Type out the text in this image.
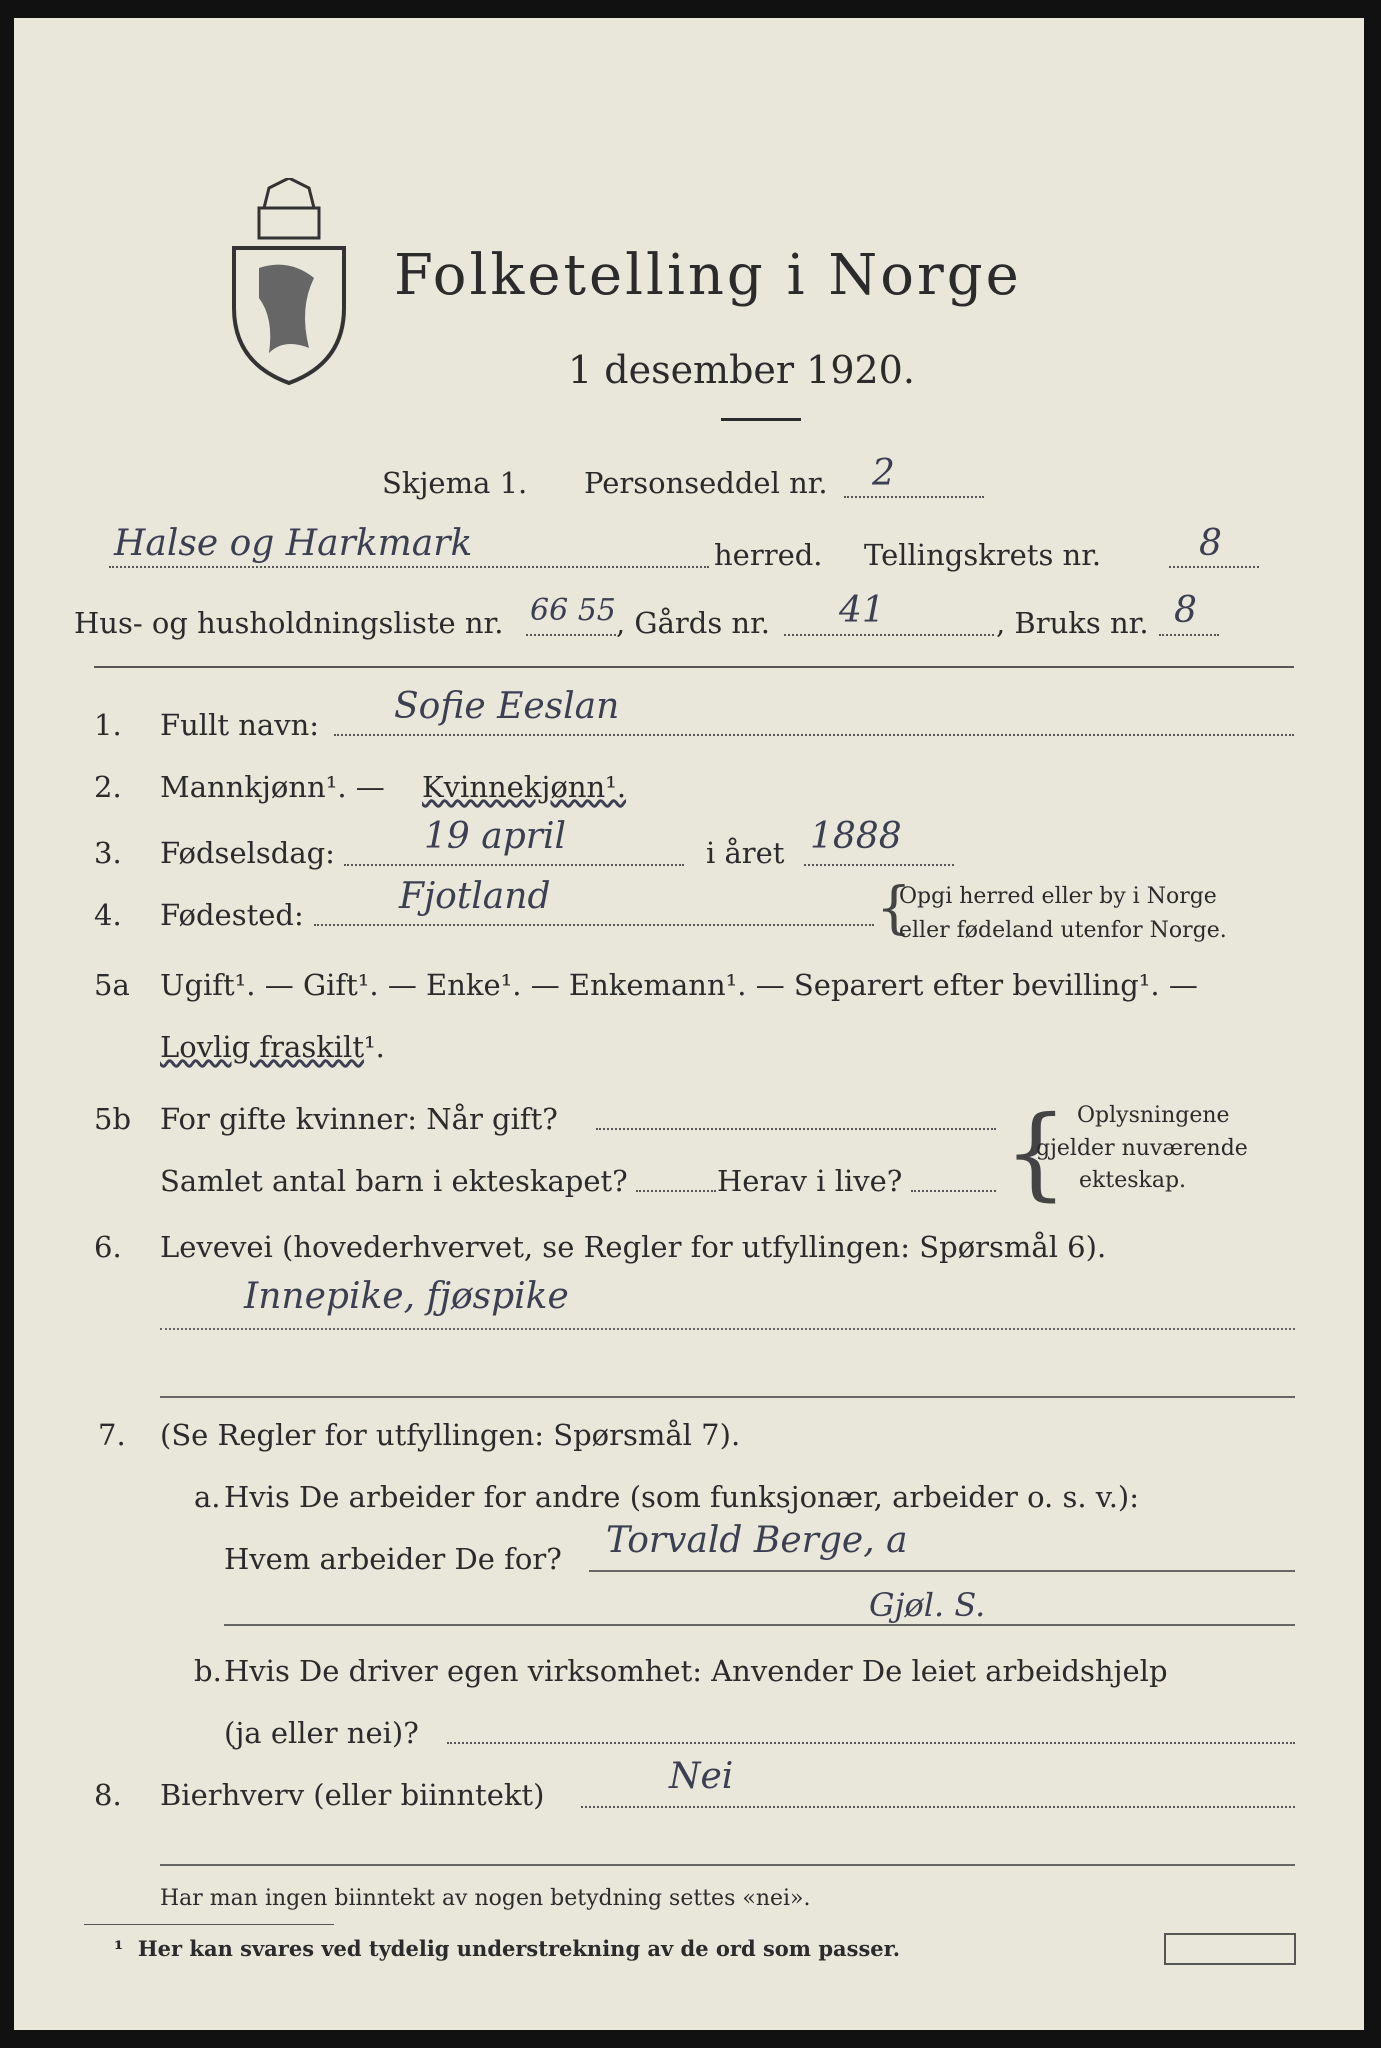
Folketelling i Norge
1 desember 1920.
Skjema 1. Personseddel nr. 2
Halse og Harkmark	herred. Tellingskrets nr.	8
Hus- og husholdningsliste nr. 66 55 , Gårds nr. 41	, Bruks nr. 8
1. Fullt navn: Sofie Eeslan
2. Mannkjønn¹. — Kvinnekjønn¹.
3. Fødselsdag: 19 april	i året 1888
4. Fødested:	Fjotland	{
Opgi herred eller by i Norge
eller fødeland utenfor Norge.
5a Ugift¹. — Gift¹. — Enke¹. — Enkemann¹. — Separert efter bevilling¹. —
Lovlig fraskilt¹.
5b For gifte kvinner: Når gift?
Samlet antal barn i ekteskapet?	Herav i live? { Oplysningene
gjelder nuværende
ekteskap.
6. Levevei (hovederhvervet, se Regler for utfyllingen: Spørsmål 6).
Innepike, fjøspike
7. (Se Regler for utfyllingen: Spørsmål 7).
a. Hvis De arbeider for andre (som funksjonær, arbeider o. s. v.):
Hvem arbeider De for? Torvald Berge, a
Gjøl. S.
b. Hvis De driver egen virksomhet: Anvender De leiet arbeidshjelp
(ja eller nei)?
8. Bierhverv (eller biinntekt)	Nei
Har man ingen biinntekt av nogen betydning settes «nei».
¹ Her kan svares ved tydelig understrekning av de ord som passer.
